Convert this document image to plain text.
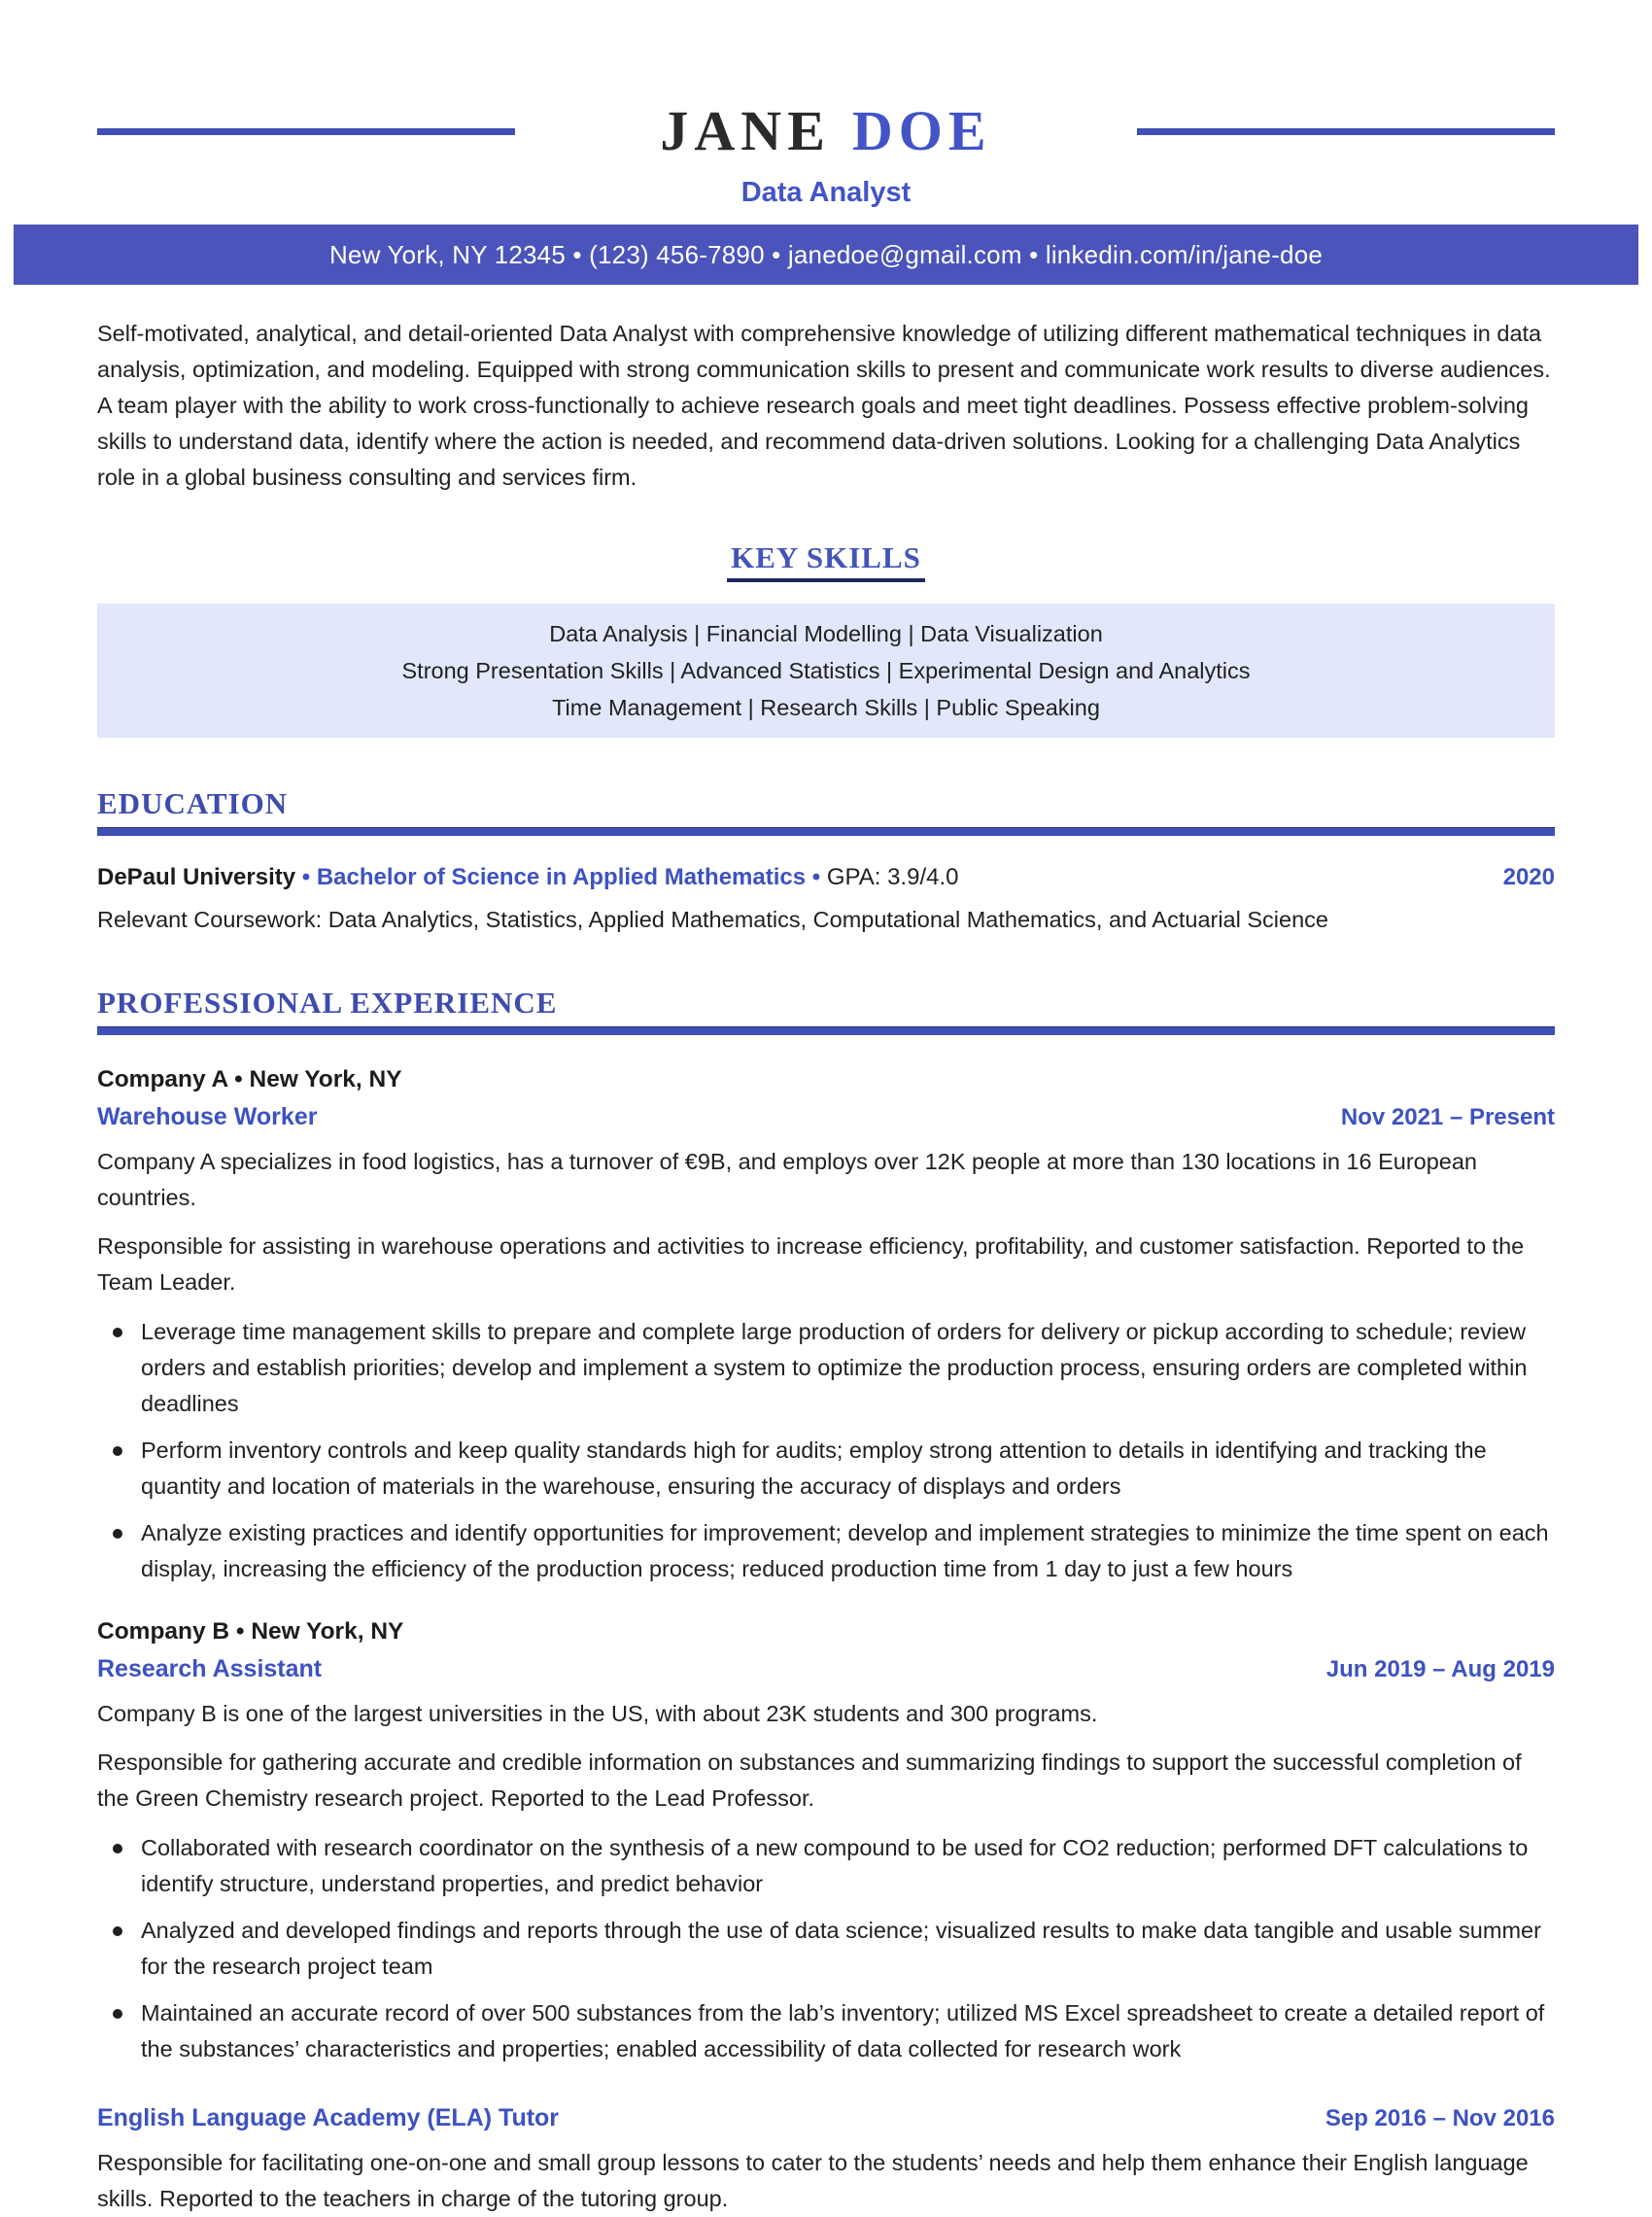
JANE DOE
Data Analyst
New York, NY 12345 • (123) 456-7890 • janedoe@gmail.com • linkedin.com/in/jane-doe

Self-motivated, analytical, and detail-oriented Data Analyst with comprehensive knowledge of utilizing different mathematical techniques in data analysis, optimization, and modeling. Equipped with strong communication skills to present and communicate work results to diverse audiences. A team player with the ability to work cross-functionally to achieve research goals and meet tight deadlines. Possess effective problem-solving skills to understand data, identify where the action is needed, and recommend data-driven solutions. Looking for a challenging Data Analytics role in a global business consulting and services firm.

KEY SKILLS
Data Analysis | Financial Modelling | Data Visualization
Strong Presentation Skills | Advanced Statistics | Experimental Design and Analytics
Time Management | Research Skills | Public Speaking
EDUCATION
DePaul University • Bachelor of Science in Applied Mathematics • GPA: 3.9/4.0	2020

Relevant Coursework: Data Analytics, Statistics, Applied Mathematics, Computational Mathematics, and Actuarial Science

PROFESSIONAL EXPERIENCE
Company A • New York, NY
Warehouse Worker	Nov 2021 – Present

Company A specializes in food logistics, has a turnover of €9B, and employs over 12K people at more than 130 locations in 16 European countries.

Responsible for assisting in warehouse operations and activities to increase efficiency, profitability, and customer satisfaction. Reported to the Team Leader.

Leverage time management skills to prepare and complete large production of orders for delivery or pickup according to schedule; review orders and establish priorities; develop and implement a system to optimize the production process, ensuring orders are completed within deadlines
Perform inventory controls and keep quality standards high for audits; employ strong attention to details in identifying and tracking the quantity and location of materials in the warehouse, ensuring the accuracy of displays and orders
Analyze existing practices and identify opportunities for improvement; develop and implement strategies to minimize the time spent on each display, increasing the efficiency of the production process; reduced production time from 1 day to just a few hours
Company B • New York, NY
Research Assistant	Jun 2019 – Aug 2019

Company B is one of the largest universities in the US, with about 23K students and 300 programs.

Responsible for gathering accurate and credible information on substances and summarizing findings to support the successful completion of the Green Chemistry research project. Reported to the Lead Professor.

Collaborated with research coordinator on the synthesis of a new compound to be used for CO2 reduction; performed DFT calculations to identify structure, understand properties, and predict behavior
Analyzed and developed findings and reports through the use of data science; visualized results to make data tangible and usable summer for the research project team
Maintained an accurate record of over 500 substances from the lab’s inventory; utilized MS Excel spreadsheet to create a detailed report of the substances’ characteristics and properties; enabled accessibility of data collected for research work
English Language Academy (ELA) Tutor	Sep 2016 – Nov 2016

Responsible for facilitating one-on-one and small group lessons to cater to the students’ needs and help them enhance their English language skills. Reported to the teachers in charge of the tutoring group.
